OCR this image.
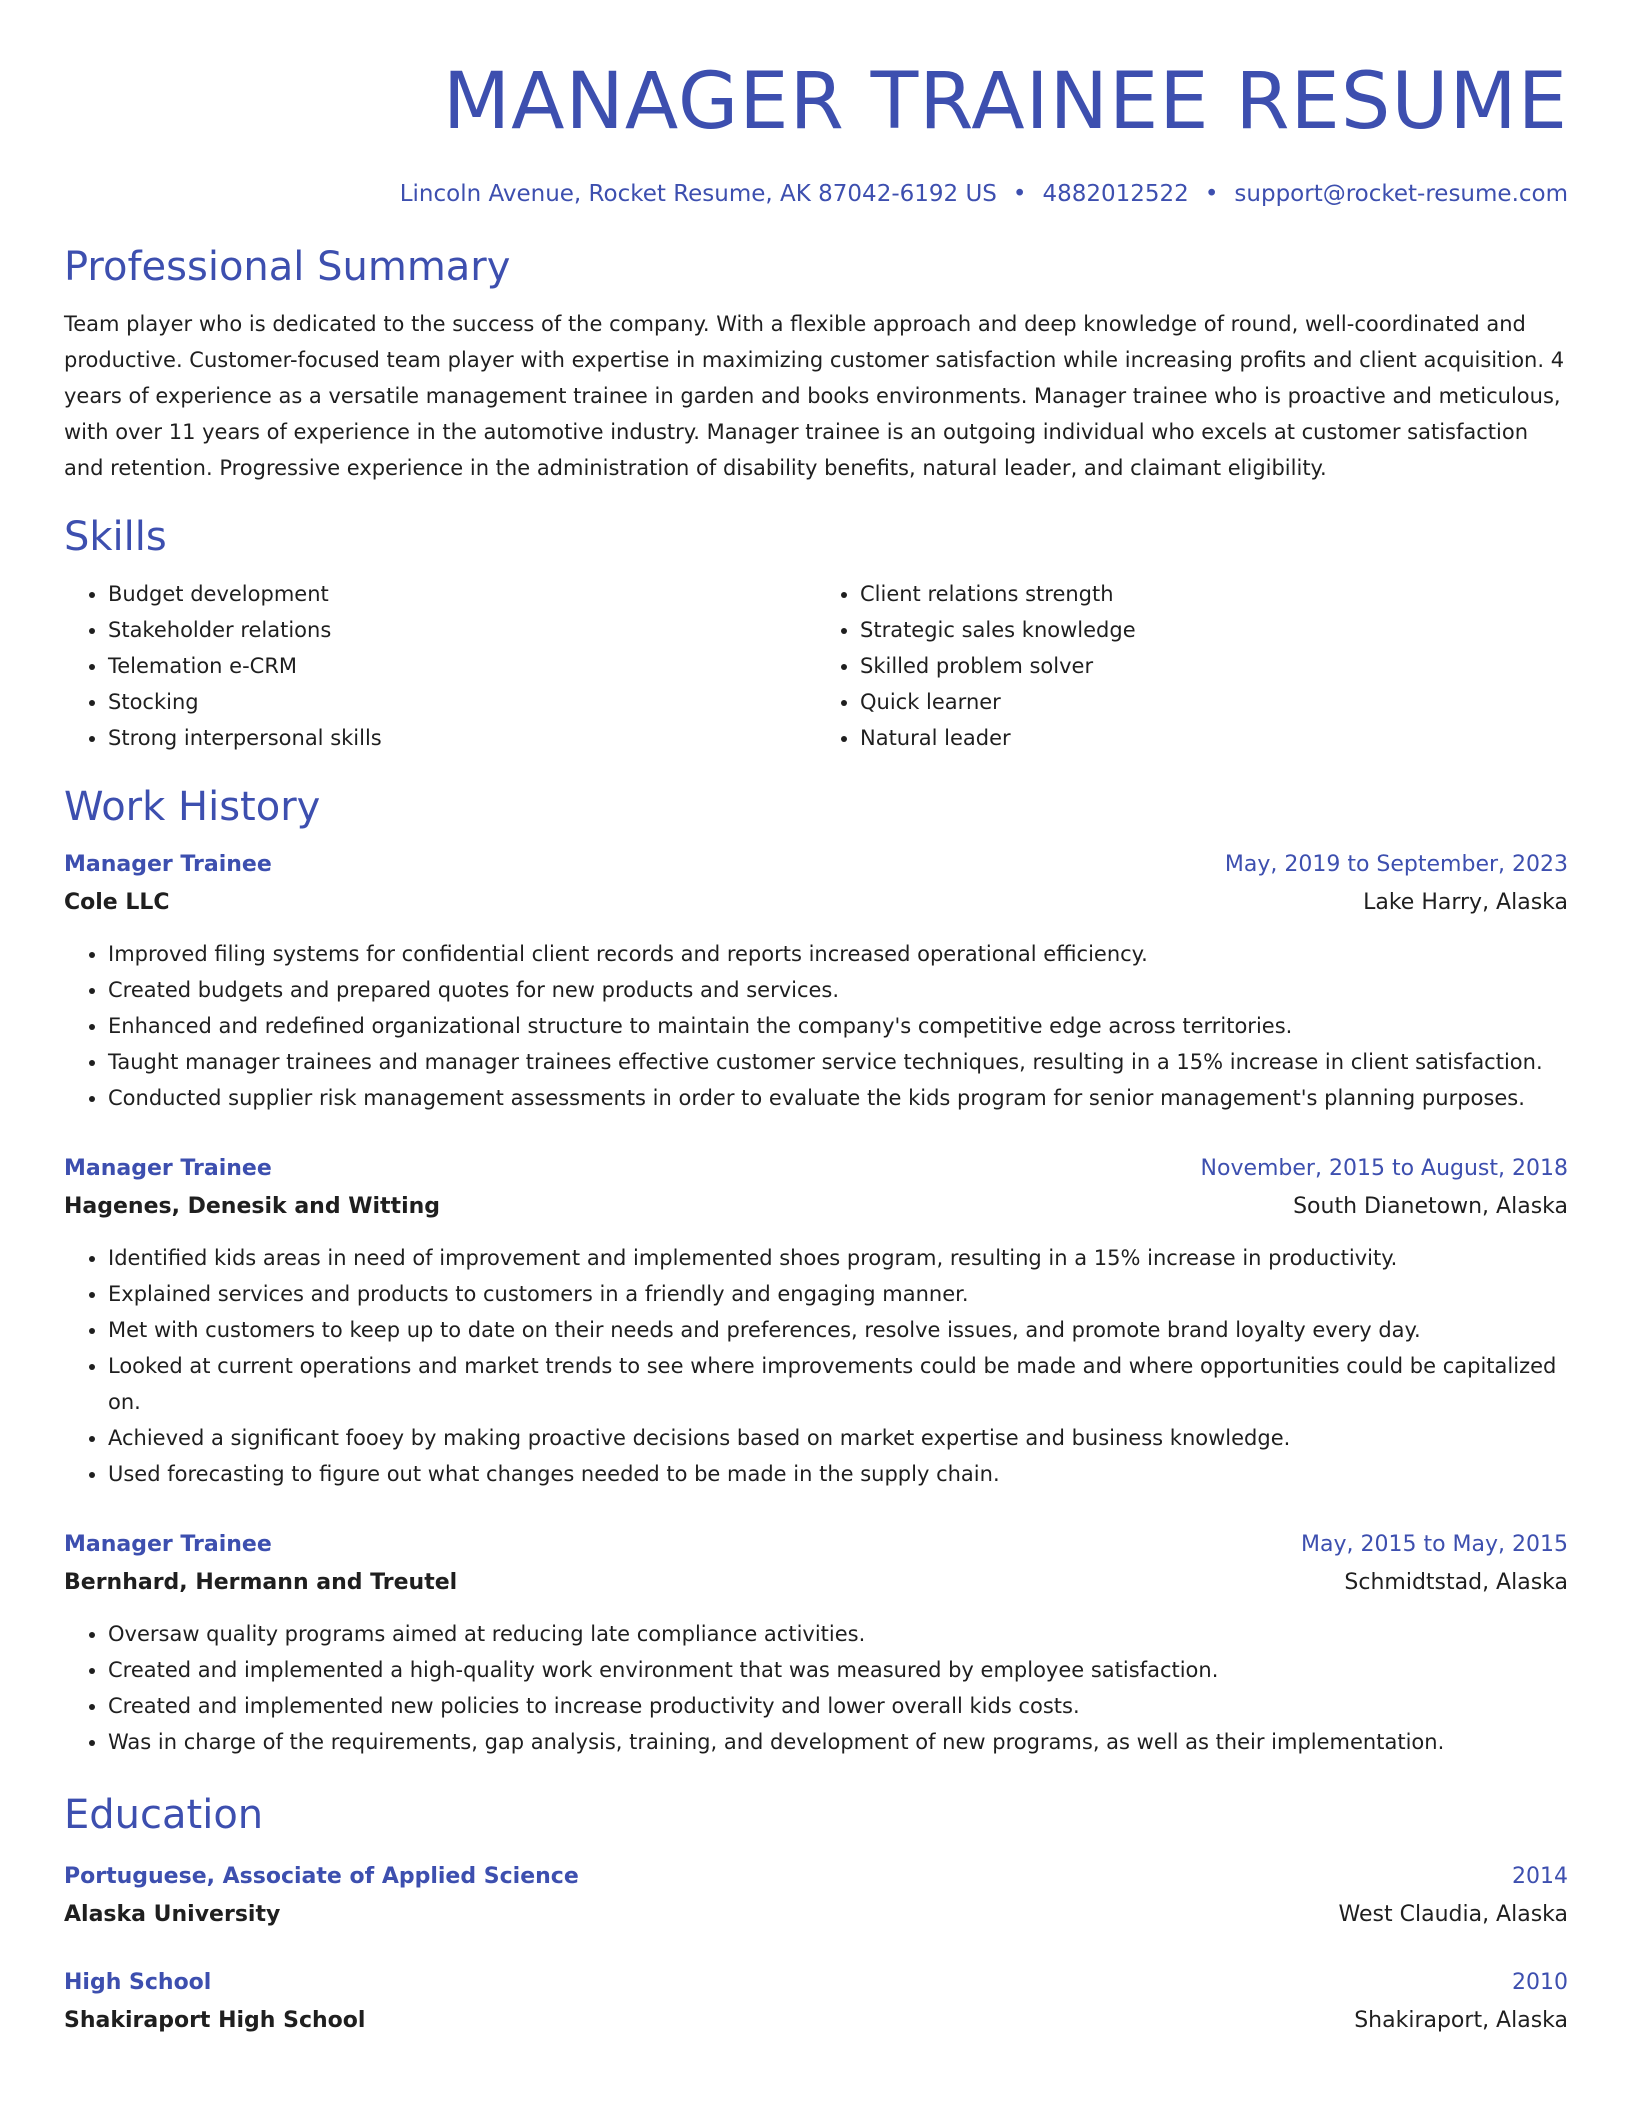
MANAGER TRAINEE RESUME
Lincoln Avenue, Rocket Resume, AK 87042-6192 US • 4882012522 • support@rocket-resume.com
Professional Summary
Team player who is dedicated to the success of the company. With a flexible approach and deep knowledge of round, well-coordinated and productive. Customer-focused team player with expertise in maximizing customer satisfaction while increasing profits and client acquisition. 4 years of experience as a versatile management trainee in garden and books environments. Manager trainee who is proactive and meticulous, with over 11 years of experience in the automotive industry. Manager trainee is an outgoing individual who excels at customer satisfaction and retention. Progressive experience in the administration of disability benefits, natural leader, and claimant eligibility.
Skills
• Budget development
• Stakeholder relations
• Telemation e-CRM
• Stocking
• Strong interpersonal skills
• Client relations strength
• Strategic sales knowledge
• Skilled problem solver
• Quick learner
• Natural leader
Work History
Manager Trainee	May, 2019 to September, 2023
Cole LLC	Lake Harry, Alaska
• Improved filing systems for confidential client records and reports increased operational efficiency.
• Created budgets and prepared quotes for new products and services.
• Enhanced and redefined organizational structure to maintain the company's competitive edge across territories.
• Taught manager trainees and manager trainees effective customer service techniques, resulting in a 15% increase in client satisfaction.
• Conducted supplier risk management assessments in order to evaluate the kids program for senior management's planning purposes.
Manager Trainee	November, 2015 to August, 2018
Hagenes, Denesik and Witting	South Dianetown, Alaska
• Identified kids areas in need of improvement and implemented shoes program, resulting in a 15% increase in productivity.
• Explained services and products to customers in a friendly and engaging manner.
• Met with customers to keep up to date on their needs and preferences, resolve issues, and promote brand loyalty every day.
• Looked at current operations and market trends to see where improvements could be made and where opportunities could be capitalized on.
• Achieved a significant fooey by making proactive decisions based on market expertise and business knowledge.
• Used forecasting to figure out what changes needed to be made in the supply chain.
Manager Trainee	May, 2015 to May, 2015
Bernhard, Hermann and Treutel	Schmidtstad, Alaska
• Oversaw quality programs aimed at reducing late compliance activities.
• Created and implemented a high-quality work environment that was measured by employee satisfaction.
• Created and implemented new policies to increase productivity and lower overall kids costs.
• Was in charge of the requirements, gap analysis, training, and development of new programs, as well as their implementation.
Education
Portuguese, Associate of Applied Science	2014
Alaska University	West Claudia, Alaska
High School	2010
Shakiraport High School	Shakiraport, Alaska
